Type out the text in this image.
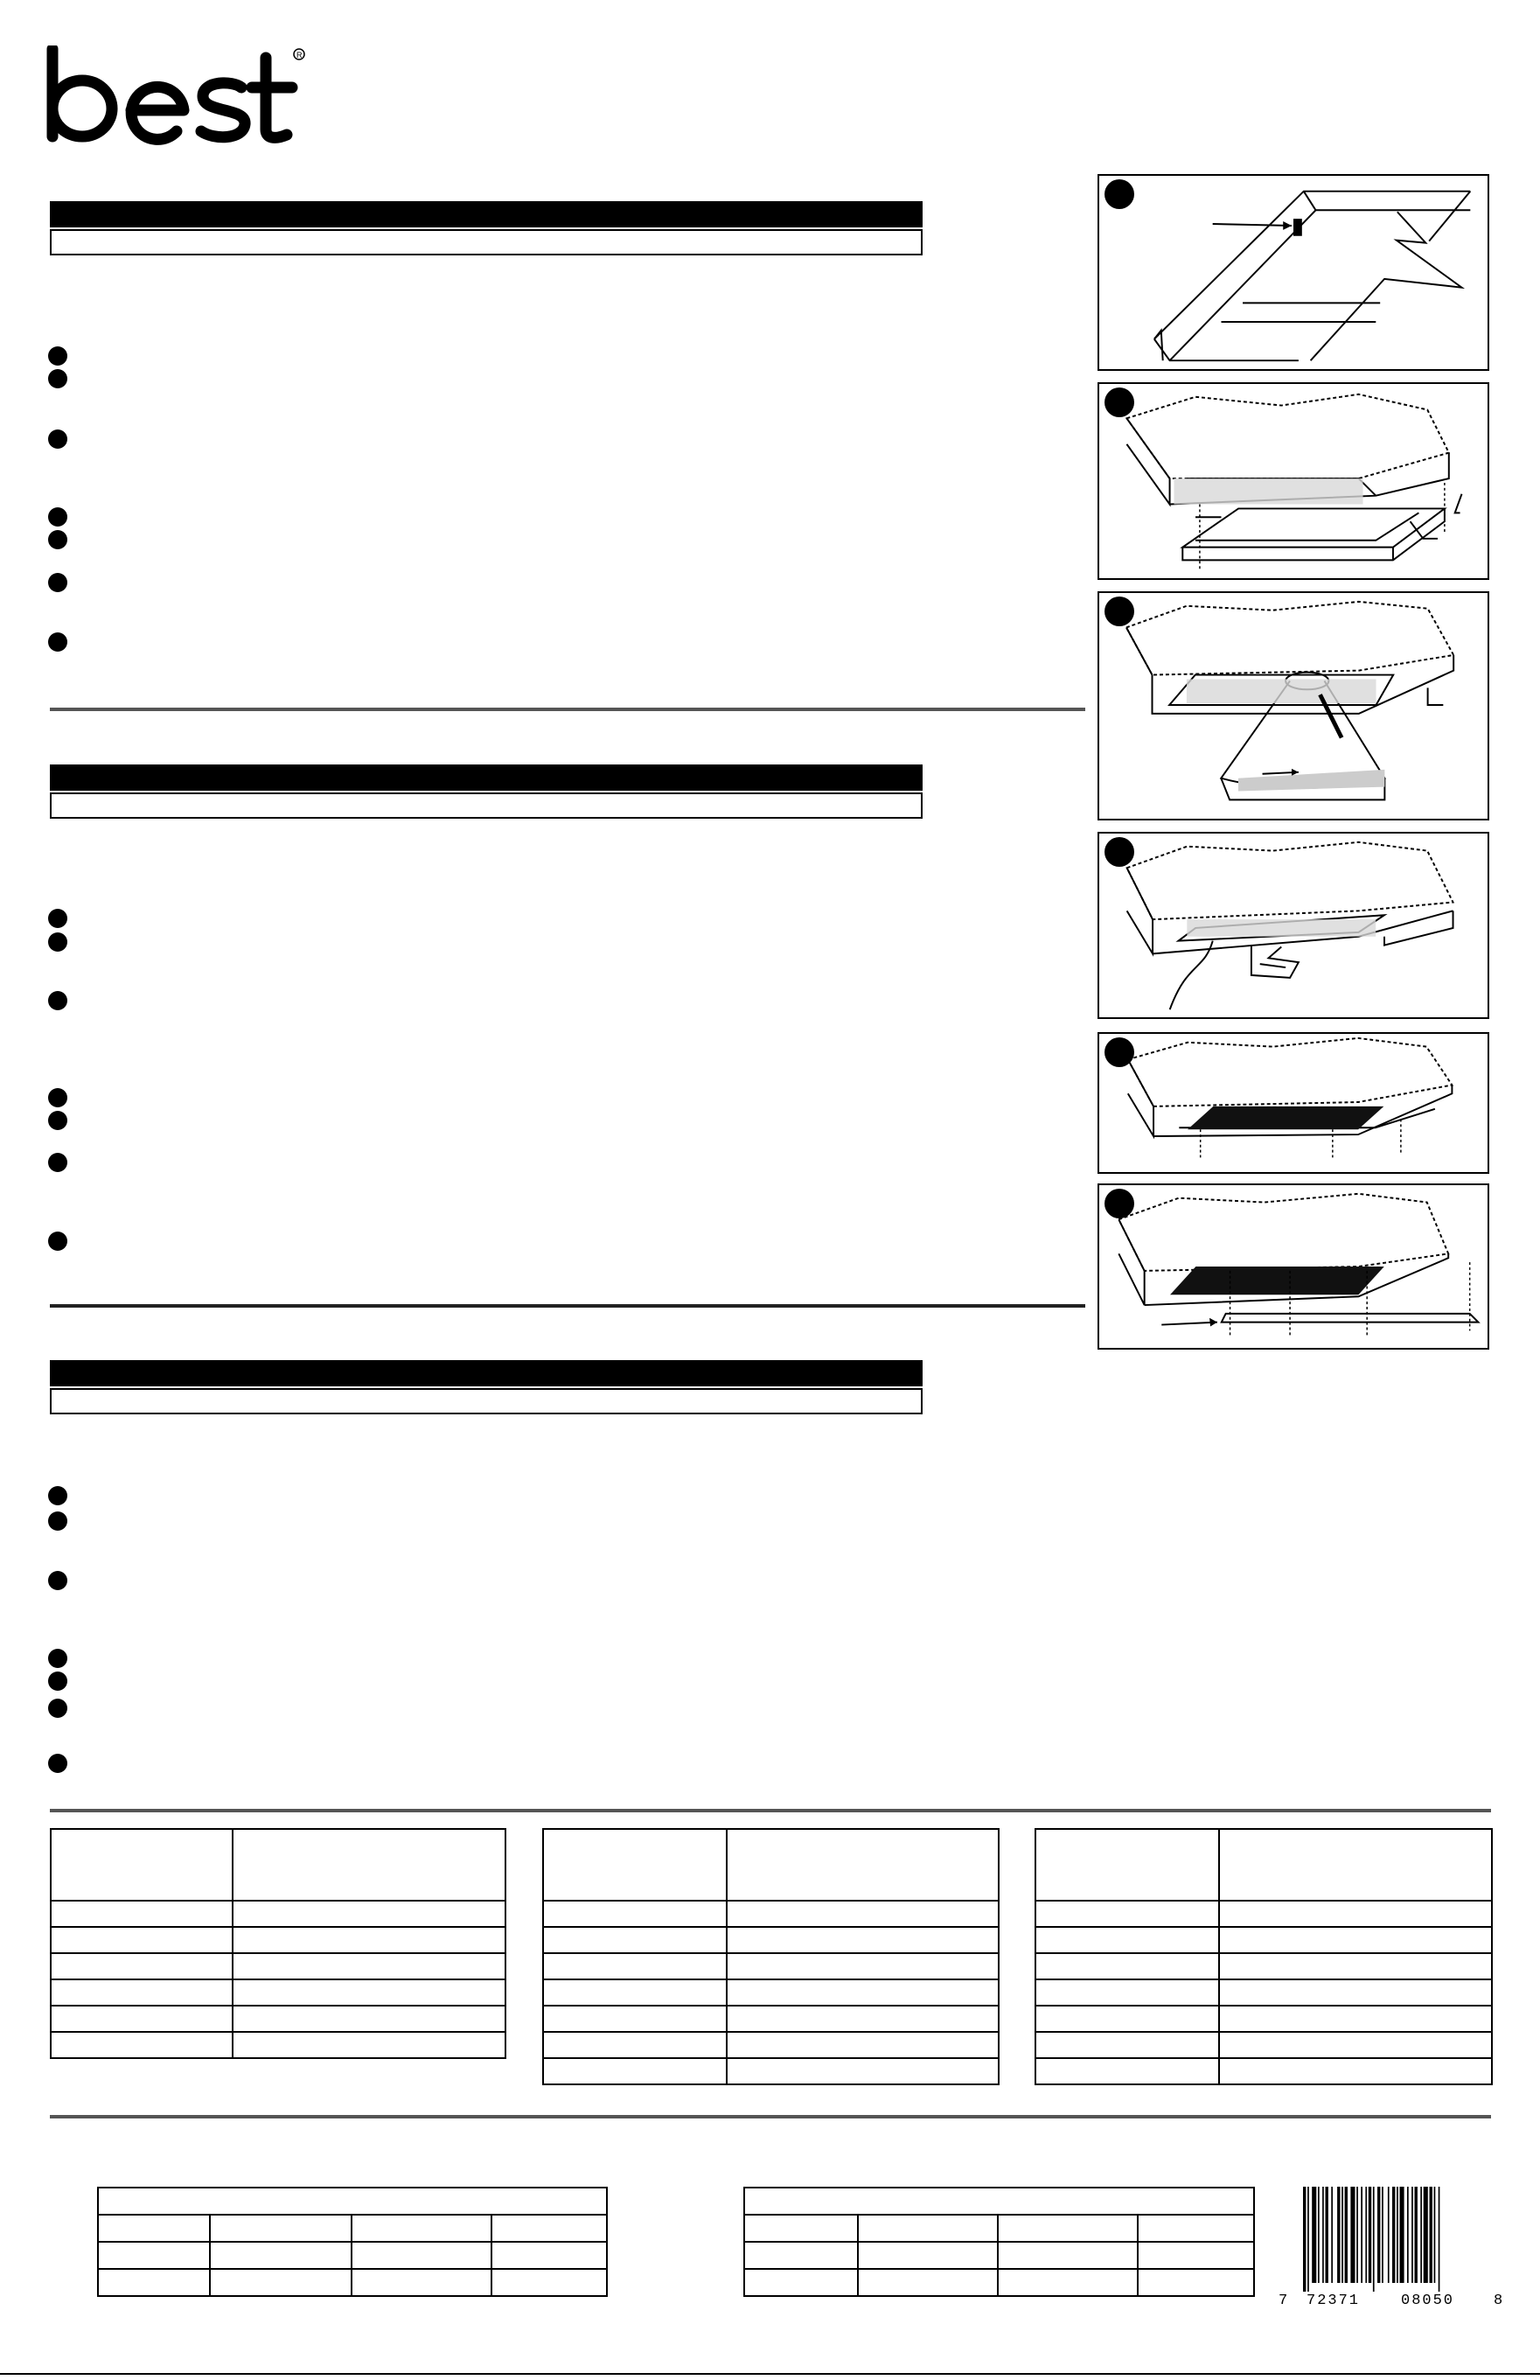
R

7 72371	08050	8
